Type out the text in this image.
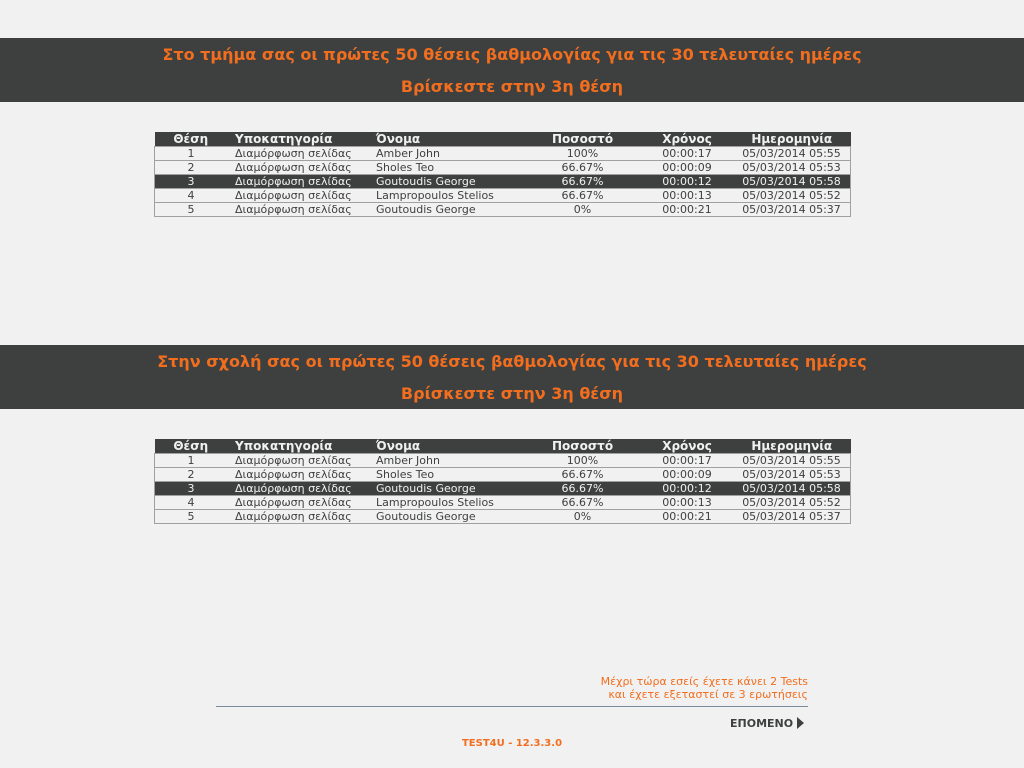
Στο τμήμα σας οι πρώτες 50 θέσεις βαθμολογίας για τις 30 τελευταίες ημέρες
Βρίσκεστε στην 3η θέση
Θέση	Υποκατηγορία	Όνομα	Ποσοστό	Χρόνος	Ημερομηνία
1	Διαμόρφωση σελίδας	Amber John	100%	00:00:17	05/03/2014 05:55
2	Διαμόρφωση σελίδας	Sholes Teo	66.67%	00:00:09	05/03/2014 05:53
3	Διαμόρφωση σελίδας	Goutoudis George	66.67%	00:00:12	05/03/2014 05:58
4	Διαμόρφωση σελίδας	Lampropoulos Stelios	66.67%	00:00:13	05/03/2014 05:52
5	Διαμόρφωση σελίδας	Goutoudis George	0%	00:00:21	05/03/2014 05:37
Στην σχολή σας οι πρώτες 50 θέσεις βαθμολογίας για τις 30 τελευταίες ημέρες
Βρίσκεστε στην 3η θέση
Θέση	Υποκατηγορία	Όνομα	Ποσοστό	Χρόνος	Ημερομηνία
1	Διαμόρφωση σελίδας	Amber John	100%	00:00:17	05/03/2014 05:55
2	Διαμόρφωση σελίδας	Sholes Teo	66.67%	00:00:09	05/03/2014 05:53
3	Διαμόρφωση σελίδας	Goutoudis George	66.67%	00:00:12	05/03/2014 05:58
4	Διαμόρφωση σελίδας	Lampropoulos Stelios	66.67%	00:00:13	05/03/2014 05:52
5	Διαμόρφωση σελίδας	Goutoudis George	0%	00:00:21	05/03/2014 05:37
Μέχρι τώρα εσείς έχετε κάνει 2 Tests
και έχετε εξεταστεί σε 3 ερωτήσεις
ΕΠΟΜΕΝΟ
TEST4U - 12.3.3.0
